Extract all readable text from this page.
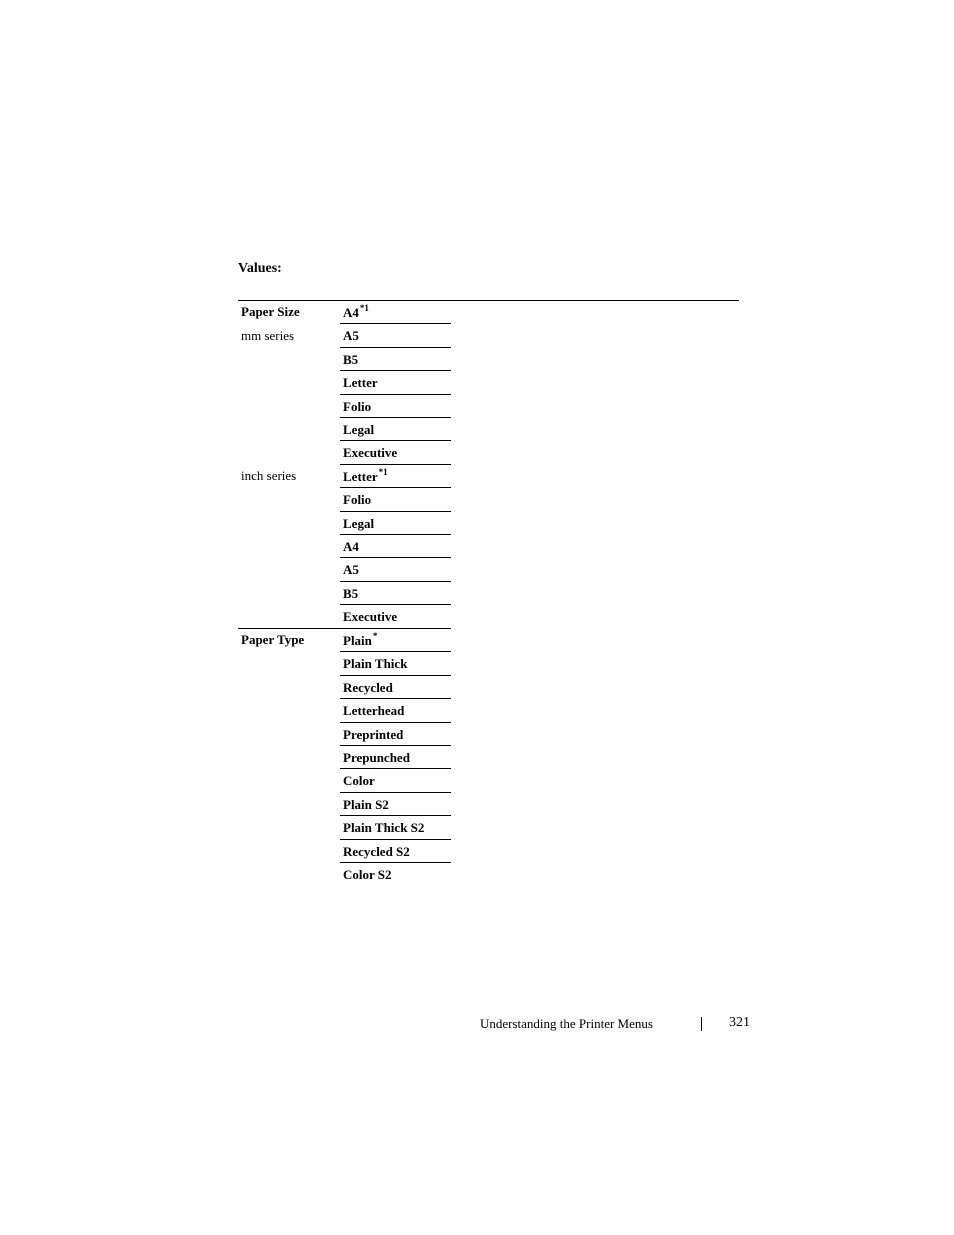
Values:
Paper Size
mm series
inch series
A4$^{*1}$
A5
B5
Letter
Folio
Legal
Executive
Letter$^{*1}$
Folio
Legal
A4
A5
B5
Executive
Paper Type	Plain*
Plain Thick
Recycled
Letterhead
Preprinted
Prepunched
Color
Plain S2
Plain Thick S2
Recycled S2
Color S2
Understanding the Printer Menus	321
